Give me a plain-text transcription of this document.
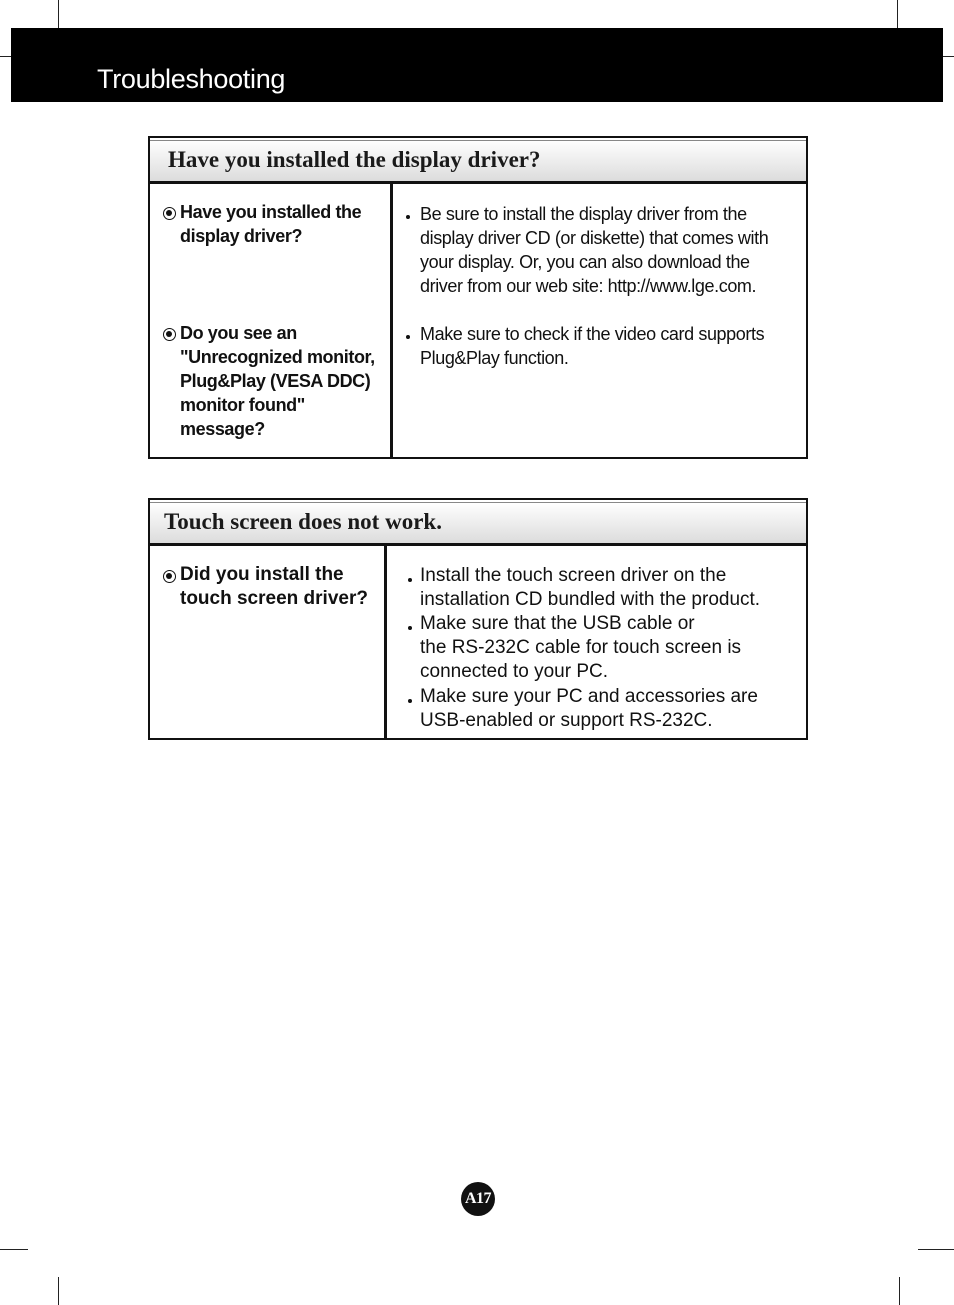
Troubleshooting
Have you installed the display driver?
Have you installed the
display driver?
Be sure to install the display driver from the
display driver CD (or diskette) that comes with
your display. Or, you can also download the
driver from our web site: http://www.lge.com.
Do you see an
"Unrecognized monitor,
Plug&Play (VESA DDC)
monitor found"
message?
Make sure to check if the video card supports
Plug&Play function.
Touch screen does not work.
Did you install the
touch screen driver?
Install the touch screen driver on the
installation CD bundled with the product.
Make sure that the USB cable or
the RS-232C cable for touch screen is
connected to your PC.
Make sure your PC and accessories are
USB-enabled or support RS-232C.
A17
